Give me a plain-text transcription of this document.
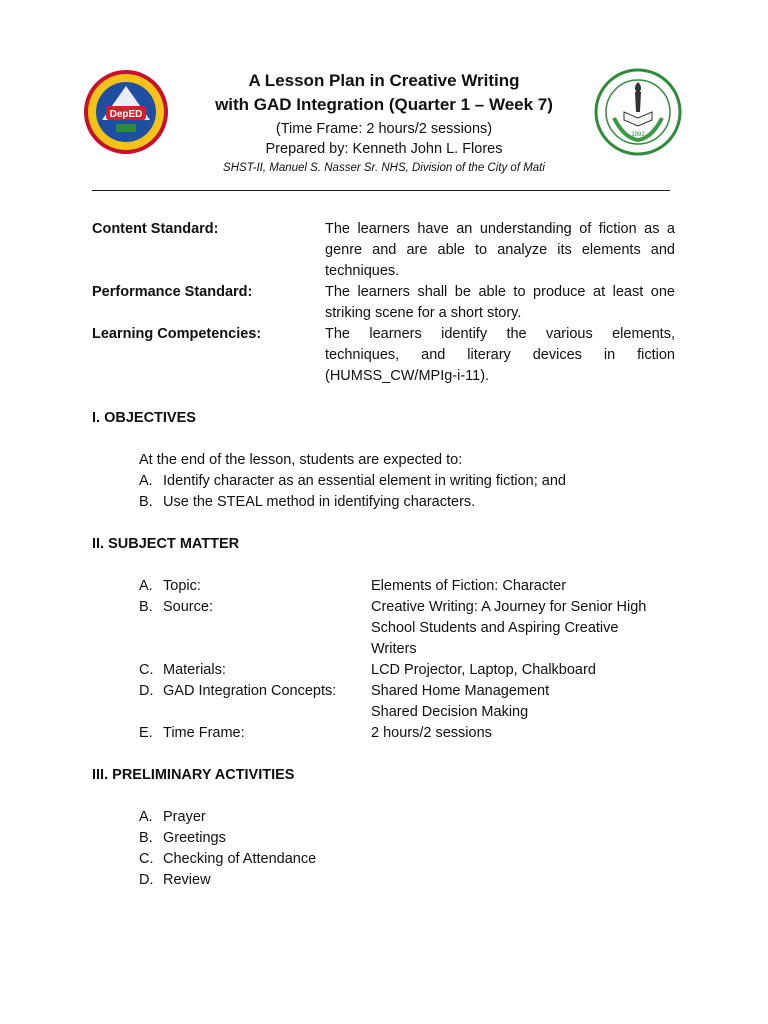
DepED
1992
A Lesson Plan in Creative Writing
with GAD Integration (Quarter 1 – Week 7)
(Time Frame: 2 hours/2 sessions)
Prepared by: Kenneth John L. Flores
SHST-II, Manuel S. Nasser Sr. NHS, Division of the City of Mati
Content Standard:	The learners have an understanding of fiction as a
genre and are able to analyze its elements and
techniques.
Performance Standard:	The learners shall be able to produce at least one
striking scene for a short story.
Learning Competencies:	The learners identify the various elements,
techniques, and literary devices in fiction
(HUMSS_CW/MPIg-i-11).
I. OBJECTIVES
At the end of the lesson, students are expected to:
A. Identify character as an essential element in writing fiction; and
B. Use the STEAL method in identifying characters.
II. SUBJECT MATTER
A. Topic:	Elements of Fiction: Character
B. Source:	Creative Writing: A Journey for Senior High
School Students and Aspiring Creative
Writers
C. Materials:	LCD Projector, Laptop, Chalkboard
D. GAD Integration Concepts: Shared Home Management
Shared Decision Making
E. Time Frame:	2 hours/2 sessions
III. PRELIMINARY ACTIVITIES
A. Prayer
B. Greetings
C. Checking of Attendance
D. Review
